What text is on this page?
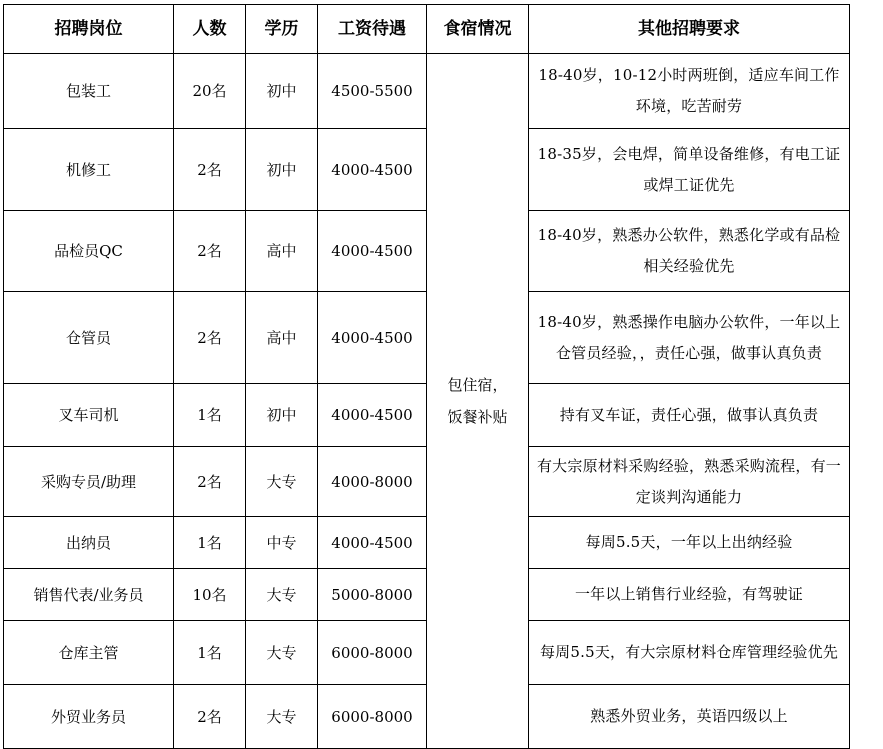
招聘岗位	人数	学历	工资待遇	食宿情况	其他招聘要求
包装工	20名	初中	4500-5500	包住宿，饭餐补贴	18-40岁，10-12小时两班倒，适应车间工作环境，吃苦耐劳
机修工	2名	初中	4000-4500		18-35岁，会电焊，简单设备维修，有电工证或焊工证优先
品检员QC	2名	高中	4000-4500		18-40岁，熟悉办公软件，熟悉化学或有品检相关经验优先
仓管员	2名	高中	4000-4500		18-40岁，熟悉操作电脑办公软件，一年以上仓管员经验，，责任心强，做事认真负责
叉车司机	1名	初中	4000-4500		持有叉车证，责任心强，做事认真负责
采购专员/助理	2名	大专	4000-8000		有大宗原材料采购经验，熟悉采购流程，有一定谈判沟通能力
出纳员	1名	中专	4000-4500		每周5.5天，一年以上出纳经验
销售代表/业务员	10名	大专	5000-8000		一年以上销售行业经验，有驾驶证
仓库主管	1名	大专	6000-8000		每周5.5天，有大宗原材料仓库管理经验优先
外贸业务员	2名	大专	6000-8000		熟悉外贸业务，英语四级以上
